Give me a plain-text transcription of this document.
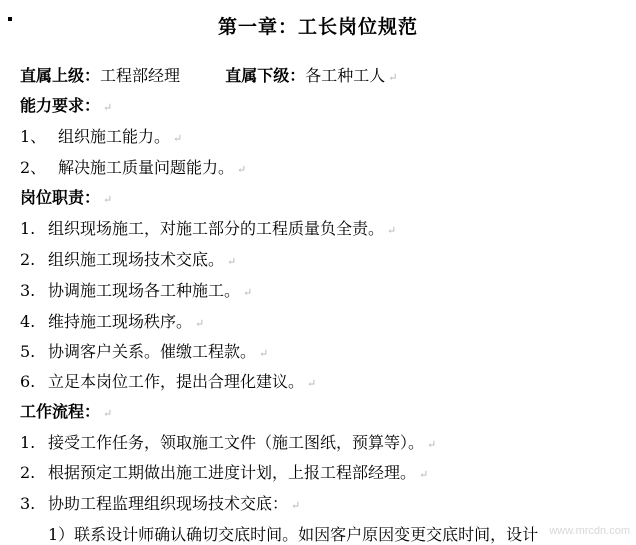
第一章：工长岗位规范
直属上级：工程部经理	直属下级：各工种工人 ↵
能力要求： ↵
1、 组织施工能力。 ↵
2、 解决施工质量问题能力。 ↵
岗位职责： ↵
1. 组织现场施工，对施工部分的工程质量负全责。 ↵
2. 组织施工现场技术交底。 ↵
3. 协调施工现场各工种施工。 ↵
4. 维持施工现场秩序。 ↵
5. 协调客户关系。催缴工程款。 ↵
6. 立足本岗位工作，提出合理化建议。 ↵
工作流程： ↵
1. 接受工作任务，领取施工文件（施工图纸，预算等）。 ↵
2. 根据预定工期做出施工进度计划，上报工程部经理。 ↵
3. 协助工程监理组织现场技术交底： ↵
1）联系设计师确认确切交底时间。如因客户原因变更交底时间，设计 www.mrcdn.com
